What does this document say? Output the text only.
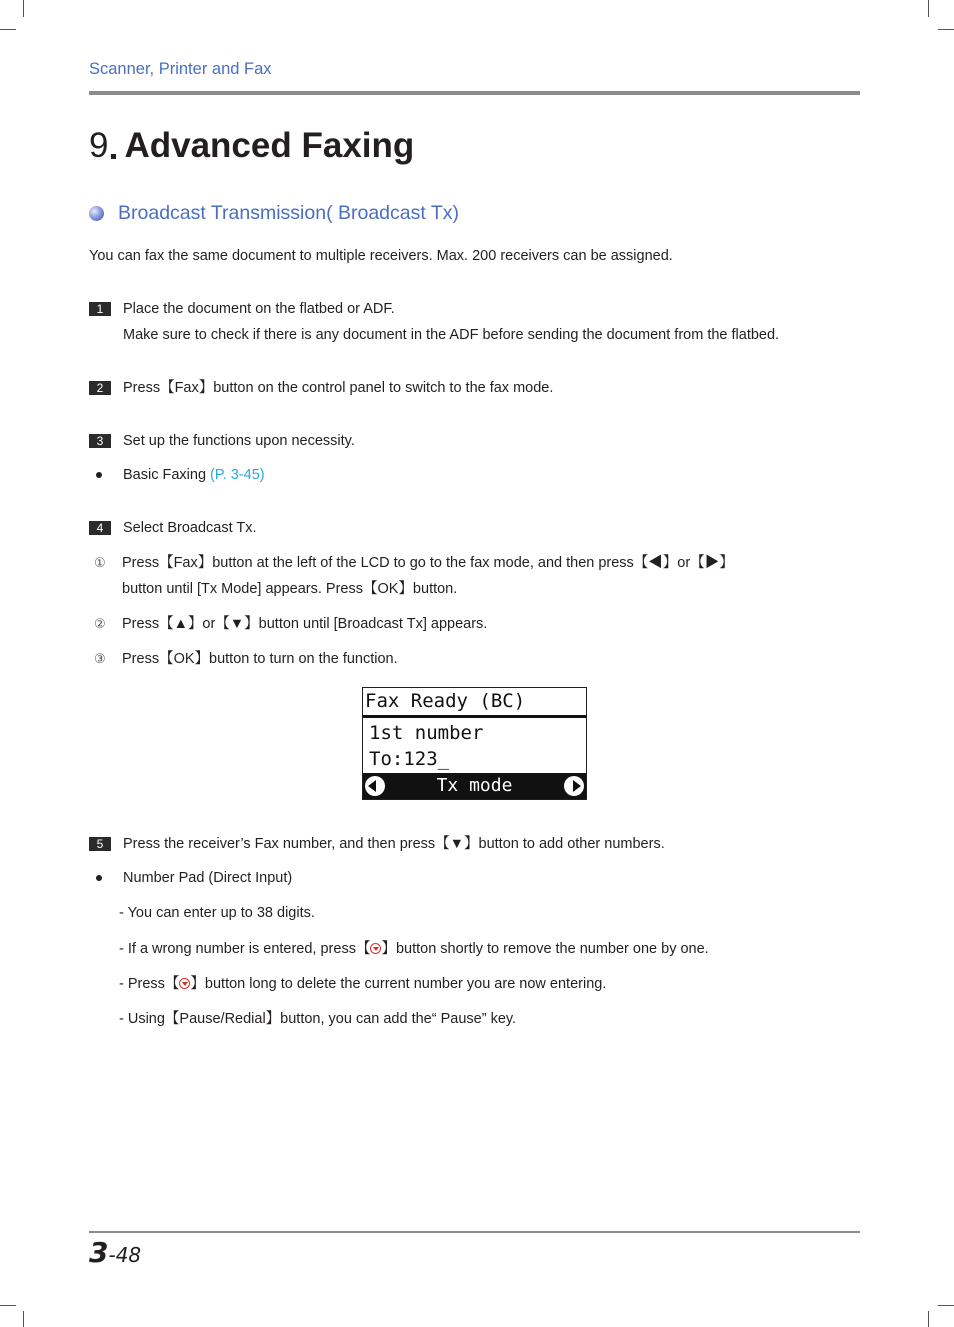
Scanner, Printer and Fax
9 Advanced Faxing
Broadcast Transmission( Broadcast Tx)
You can fax the same document to multiple receivers. Max. 200 receivers can be assigned.
1	Place the document on the flatbed or ADF.
Make sure to check if there is any document in the ADF before sending the document from the flatbed.
2	Press【Fax】button on the control panel to switch to the fax mode.
3	Set up the functions upon necessity.
Basic Faxing (P. 3-45)
4	Select Broadcast Tx.
① Press【Fax】button at the left of the LCD to go to the fax mode, and then press【◀】or【▶】
button until [Tx Mode] appears. Press【OK】button.
② Press【▲】or【▼】button until [Broadcast Tx] appears.
③ Press【OK】button to turn on the function.
Fax Ready (BC)
1st number
To:123_
Tx mode
5	Press the receiver’s Fax number, and then press【▼】button to add other numbers.
Number Pad (Direct Input)
- You can enter up to 38 digits.
- If a wrong number is entered, press【 】button shortly to remove the number one by one.
- Press【 】button long to delete the current number you are now entering.
- Using【Pause/Redial】button, you can add the“ Pause” key.
3-48
